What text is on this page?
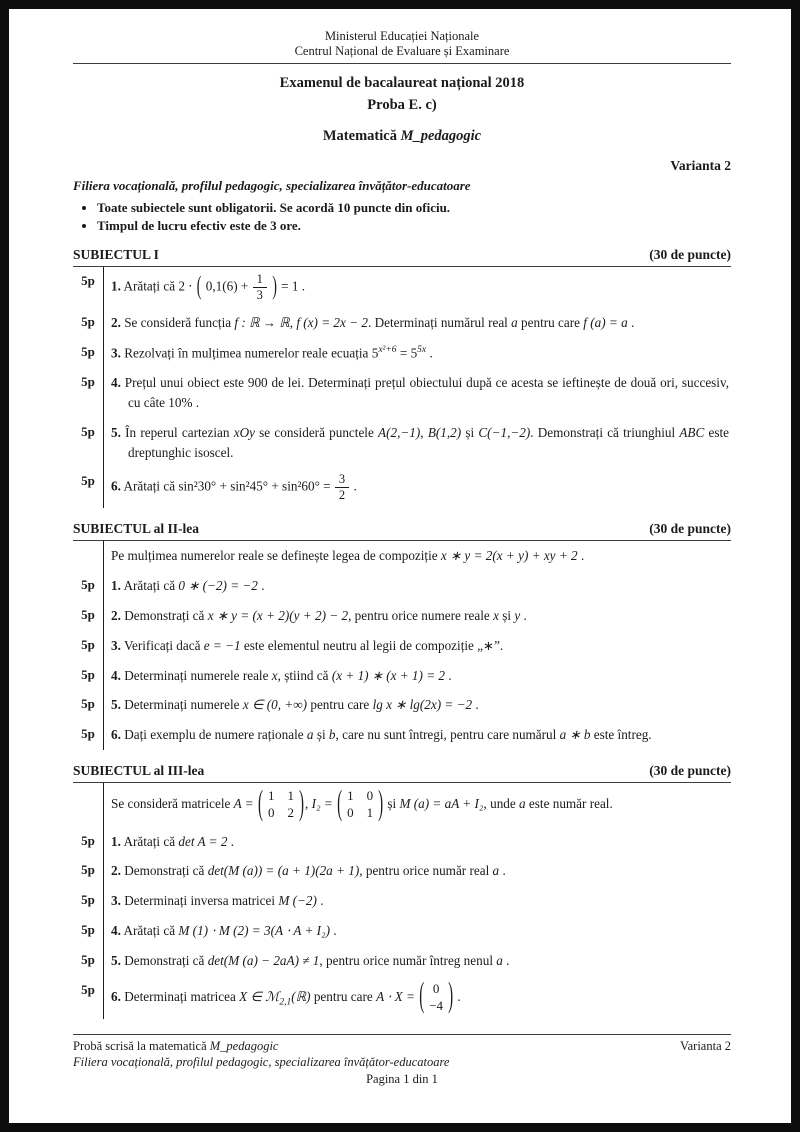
Ministerul Educației Naționale
Centrul Național de Evaluare și Examinare
Examenul de bacalaureat național 2018
Proba E. c)
Matematică M_pedagogic
Varianta 2
Filiera vocațională, profilul pedagogic, specializarea învățător-educatoare
• Toate subiectele sunt obligatorii. Se acordă 10 puncte din oficiu.
• Timpul de lucru efectiv este de 3 ore.
SUBIECTUL I	(30 de puncte)
5p	1. Arătați că 2 ⋅ ( $0,1(6) + \frac{1}{3}$ ) = 1 .

5p	2. Se consideră funcția f : ℝ → ℝ, f (x) = 2x − 2. Determinați numărul real a pentru care f (a) = a .

5p	3. Rezolvați în mulțimea numerelor reale ecuația $5^{x^2+6} = 5^{5x}$ .

5p	4. Prețul unui obiect este 900 de lei. Determinați prețul obiectului după ce acesta se ieftinește de două ori, succesiv, cu câte 10% .

5p	5. În reperul cartezian xOy se consideră punctele A(2,−1), B(1,2) și C(−1,−2). Demonstrați că triunghiul ABC este dreptunghic isoscel.

5p	6. Arătați că $\sin^230^\circ + \sin^245^\circ + \sin^260^\circ = \frac{3}{2}$ .

SUBIECTUL al II-lea	(30 de puncte)

Pe mulțimea numerelor reale se definește legea de compoziție x ∗ y = 2(x + y) + xy + 2 .

5p	1. Arătați că 0 ∗ (−2) = −2 .

5p	2. Demonstrați că x ∗ y = (x + 2)(y + 2) − 2, pentru orice numere reale x și y .

5p	3. Verificați dacă e = −1 este elementul neutru al legii de compoziție „∗”.

5p	4. Determinați numerele reale x, știind că (x + 1) ∗ (x + 1) = 2 .

5p	5. Determinați numerele x ∈ (0, +∞) pentru care lg x ∗ lg(2x) = −2 .

5p	6. Dați exemplu de numere raționale a și b, care nu sunt întregi, pentru care numărul a ∗ b este întreg.

SUBIECTUL al III-lea	(30 de puncte)

Se consideră matricele A = ( 1 1
0 2 ) , I₂ = ( 1 0
0 1 ) și M (a) = aA + I₂, unde a este număr real.

5p	1. Arătați că det A = 2 .

5p	2. Demonstrați că det(M (a)) = (a + 1)(2a + 1), pentru orice număr real a .

5p	3. Determinați inversa matricei M (−2) .

5p	4. Arătați că M (1) ⋅ M (2) = 3(A ⋅ A + I₂) .

5p	5. Demonstrați că det(M (a) − 2aA) ≠ 1, pentru orice număr întreg nenul a .

5p	6. Determinați matricea X ∈ ℳ$_{2,1}$(ℝ) pentru care A ⋅ X = ( 0
−4 ) .

Probă scrisă la matematică M_pedagogic	Varianta 2
Filiera vocațională, profilul pedagogic, specializarea învățător-educatoare
Pagina 1 din 1
